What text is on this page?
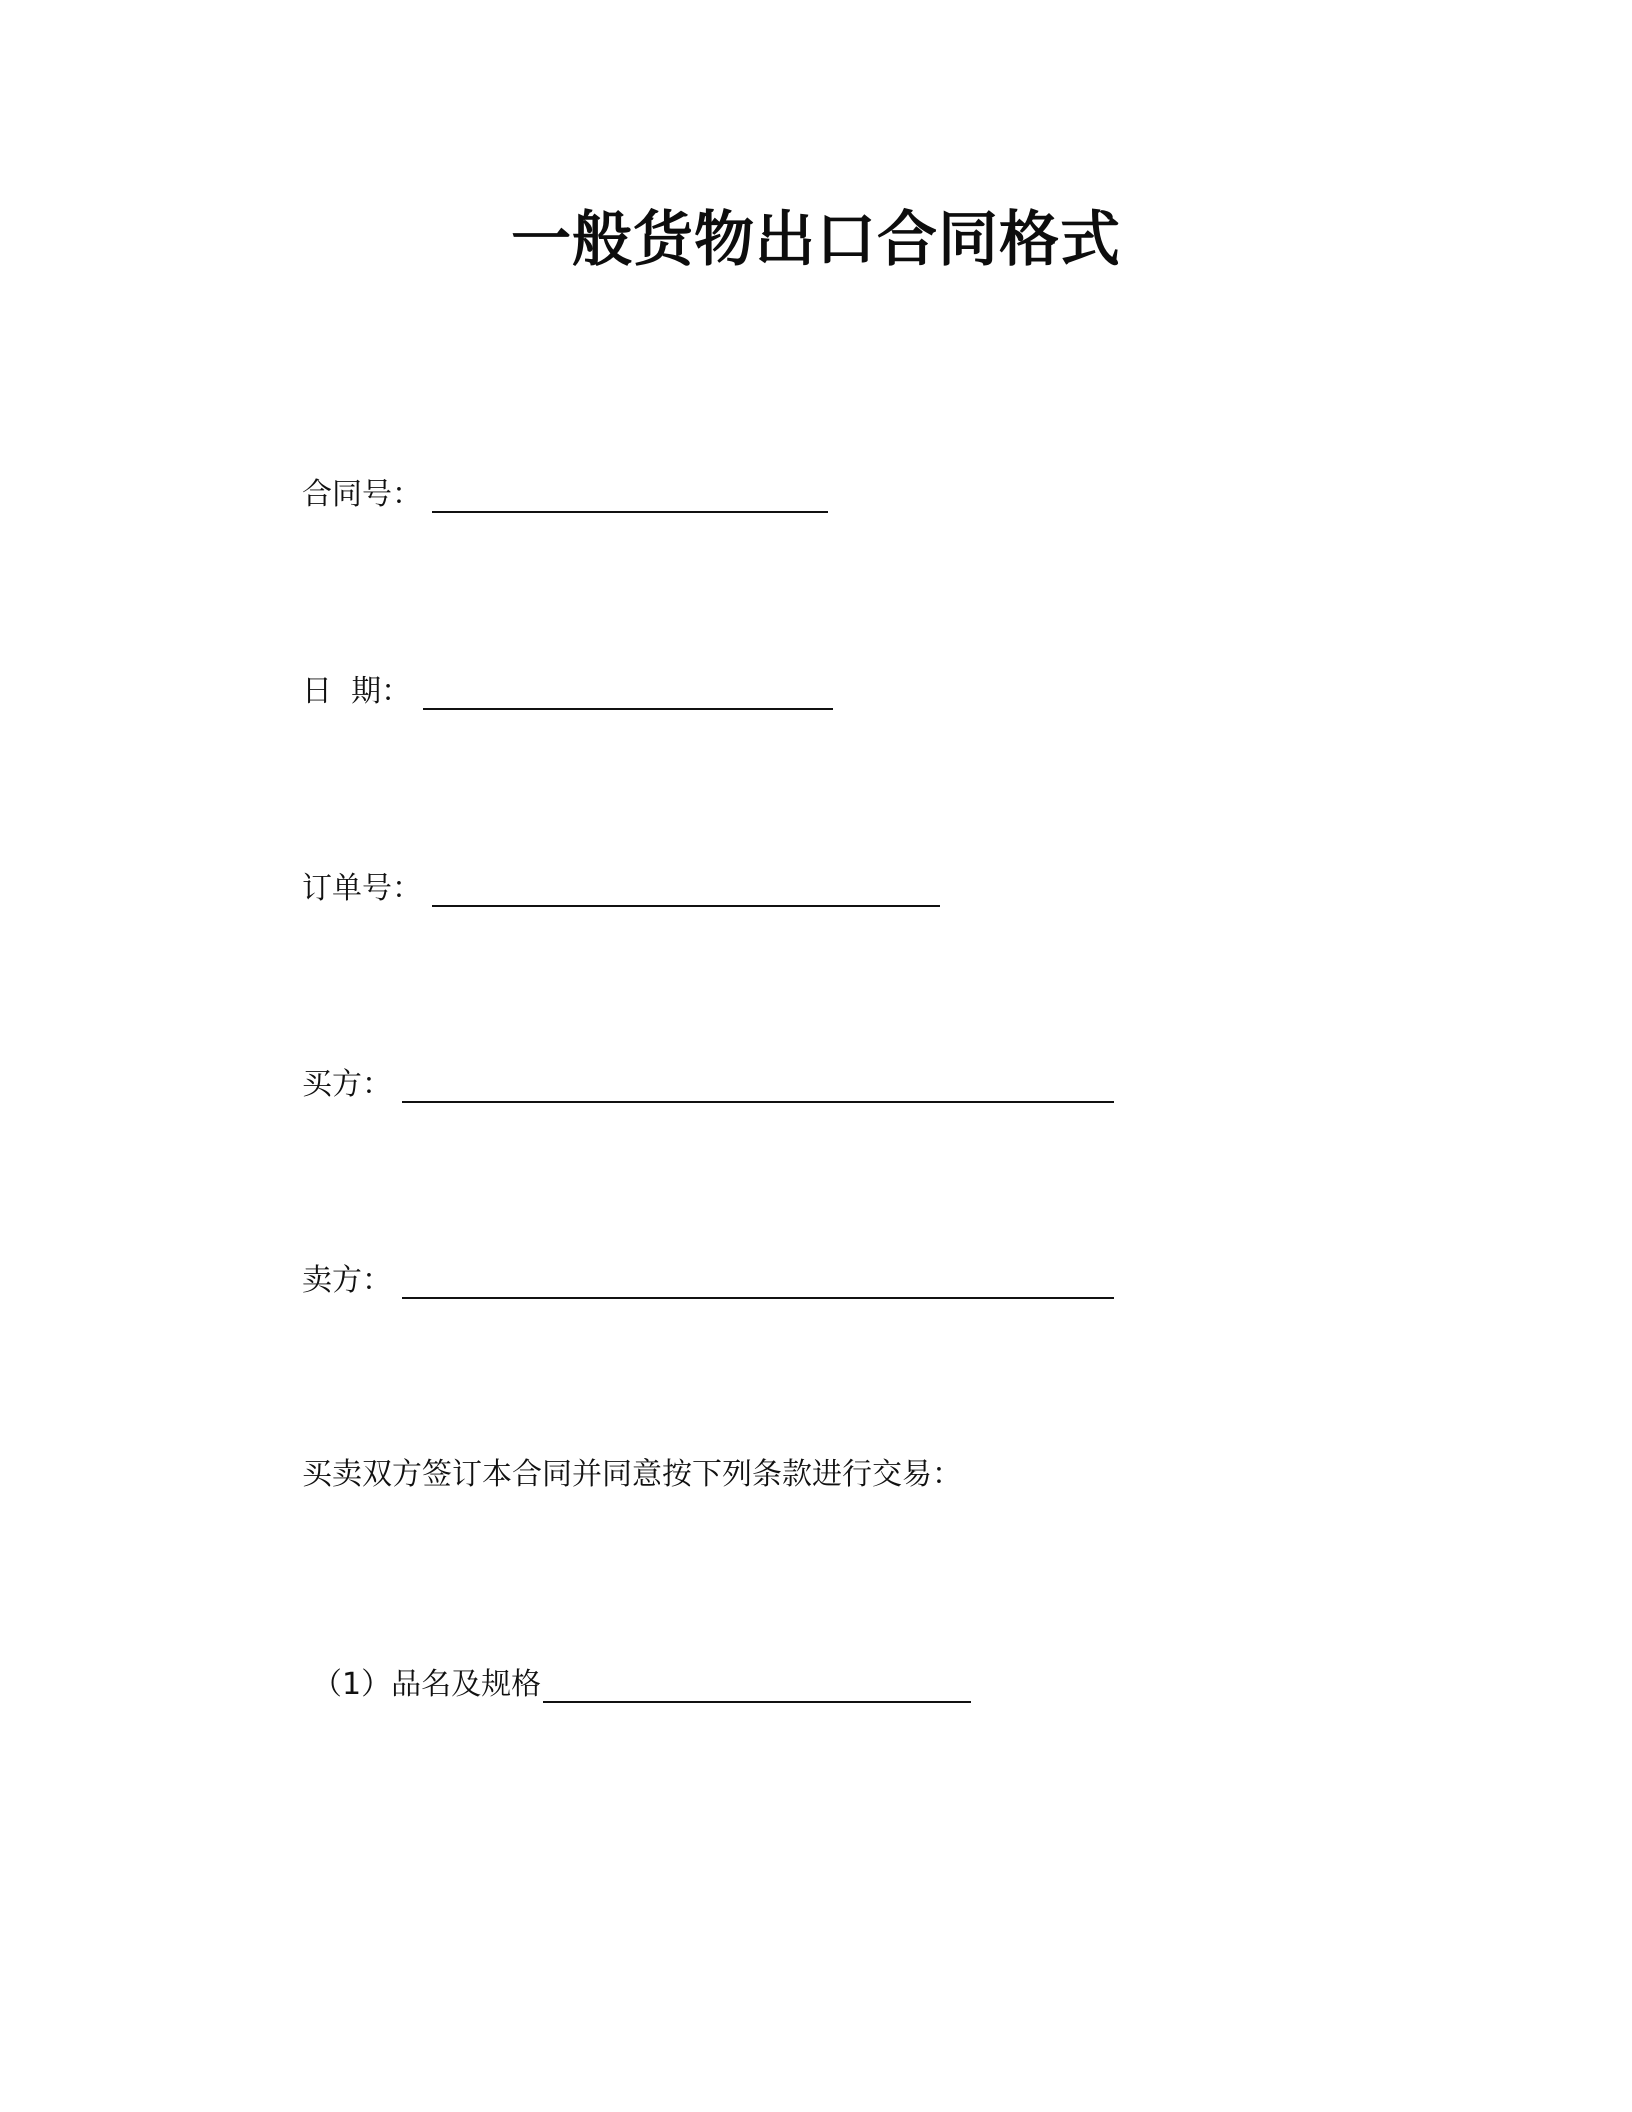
一般货物出口合同格式
合同号：
日  期：
订单号：
买方：
卖方：
买卖双方签订本合同并同意按下列条款进行交易：
（1）品名及规格
